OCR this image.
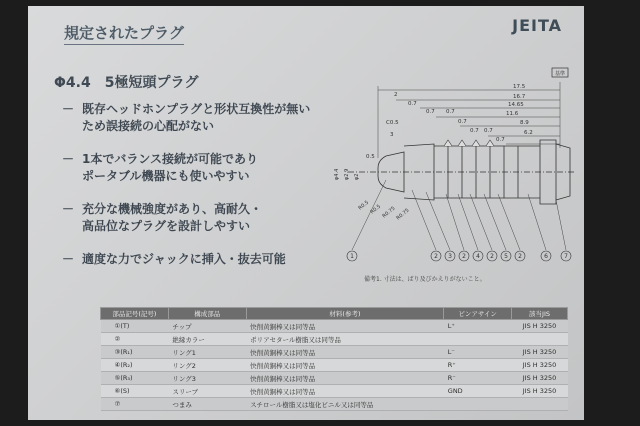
規定されたプラグ	JEITA
Φ4.4　5極短頭プラグ
－ 既存ヘッドホンプラグと形状互換性が無い
ため誤接続の心配がない
－ 1本でバランス接続が可能であり
ポータブル機器にも使いやすい
－ 充分な機械強度があり、高耐久・
高品位なプラグを設計しやすい
－ 適度な力でジャックに挿入・抜去可能
基準
17.5
16.7
14.65
11.6
8.9
6.2
2
0.7
0.7 0.7
0.7
0.7 0.7
0.7
C0.5
3
0.5
φ4.4 φ2.9 φ2
R0.5 R0.5 R0.75
R0.75
1	2 3 2 4 2 5 2	6	7
備考1. 寸法は、ばり及びかえりがないこと。
部品記号(記号)	構成部品	材料(参考)	ピンアサイン	該当JIS
①(T)	チップ	快削黄銅棒又は同等品	L⁺	JIS H 3250
②	絶縁カラー	ポリアセタール樹脂又は同等品		
③(R₁)	リング1	快削黄銅棒又は同等品	L⁻	JIS H 3250
④(R₂)	リング2	快削黄銅棒又は同等品	R⁺	JIS H 3250
⑤(R₃)	リング3	快削黄銅棒又は同等品	R⁻	JIS H 3250
⑥(S)	スリーブ	快削黄銅棒又は同等品	GND	JIS H 3250
⑦	つまみ	スチロール樹脂又は塩化ビニル又は同等品		
